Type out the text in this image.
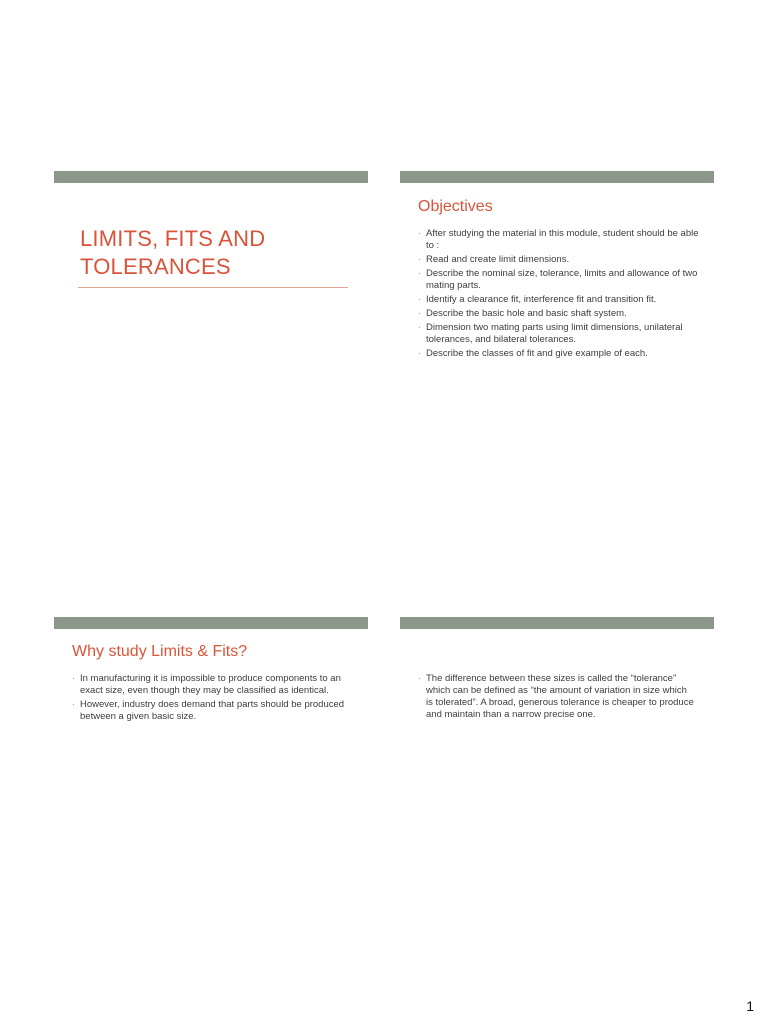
LIMITS, FITS AND TOLERANCES
Objectives
· After studying the material in this module, student should be able to :
· Read and create limit dimensions.
· Describe the nominal size, tolerance, limits and allowance of two mating parts.
· Identify a clearance fit, interference fit and transition fit.
· Describe the basic hole and basic shaft system.
· Dimension two mating parts using limit dimensions, unilateral tolerances, and bilateral tolerances.
· Describe the classes of fit and give example of each.
Why study Limits & Fits?
· In manufacturing it is impossible to produce components to an exact size, even though they may be classified as identical.
· However, industry does demand that parts should be produced between a given basic size.
· The difference between these sizes is called the “tolerance” which can be defined as “the amount of variation in size which is tolerated”. A broad, generous tolerance is cheaper to produce and maintain than a narrow precise one.
1
